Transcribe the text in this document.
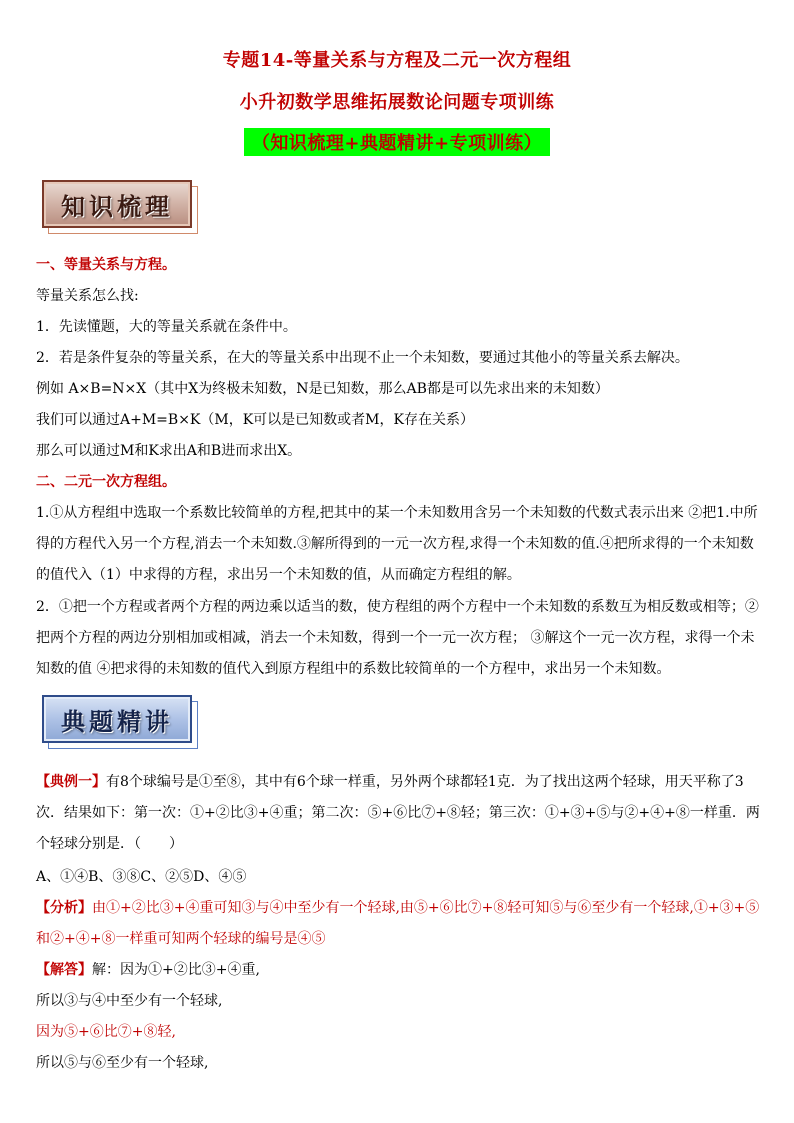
专题14-等量关系与方程及二元一次方程组
小升初数学思维拓展数论问题专项训练
（知识梳理+典题精讲+专项训练）
知识梳理
一、等量关系与方程。
等量关系怎么找:
1．先读懂题，大的等量关系就在条件中。
2．若是条件复杂的等量关系，在大的等量关系中出现不止一个未知数，要通过其他小的等量关系去解决。
例如 A×B=N×X（其中X为终极未知数，N是已知数，那么AB都是可以先求出来的未知数）
我们可以通过A+M=B×K（M，K可以是已知数或者M，K存在关系）
那么可以通过M和K求出A和B进而求出X。
二、二元一次方程组。
1.①从方程组中选取一个系数比较简单的方程,把其中的某一个未知数用含另一个未知数的代数式表示出来 ②把1.中所得的方程代入另一个方程,消去一个未知数.③解所得到的一元一次方程,求得一个未知数的值.④把所求得的一个未知数的值代入（1）中求得的方程，求出另一个未知数的值，从而确定方程组的解。
2．①把一个方程或者两个方程的两边乘以适当的数，使方程组的两个方程中一个未知数的系数互为相反数或相等；②把两个方程的两边分别相加或相减，消去一个未知数，得到一个一元一次方程； ③解这个一元一次方程，求得一个未知数的值 ④把求得的未知数的值代入到原方程组中的系数比较简单的一个方程中，求出另一个未知数。
典题精讲
【典例一】有8个球编号是①至⑧，其中有6个球一样重，另外两个球都轻1克．为了找出这两个轻球，用天平称了3次．结果如下：第一次：①+②比③+④重；第二次：⑤+⑥比⑦+⑧轻；第三次：①+③+⑤与②+④+⑧一样重．两个轻球分别是．（　　）
A、①④B、③⑧C、②⑤D、④⑤
【分析】由①+②比③+④重可知③与④中至少有一个轻球,由⑤+⑥比⑦+⑧轻可知⑤与⑥至少有一个轻球,①+③+⑤和②+④+⑧一样重可知两个轻球的编号是④⑤
【解答】解：因为①+②比③+④重,
所以③与④中至少有一个轻球,
因为⑤+⑥比⑦+⑧轻,
所以⑤与⑥至少有一个轻球,
